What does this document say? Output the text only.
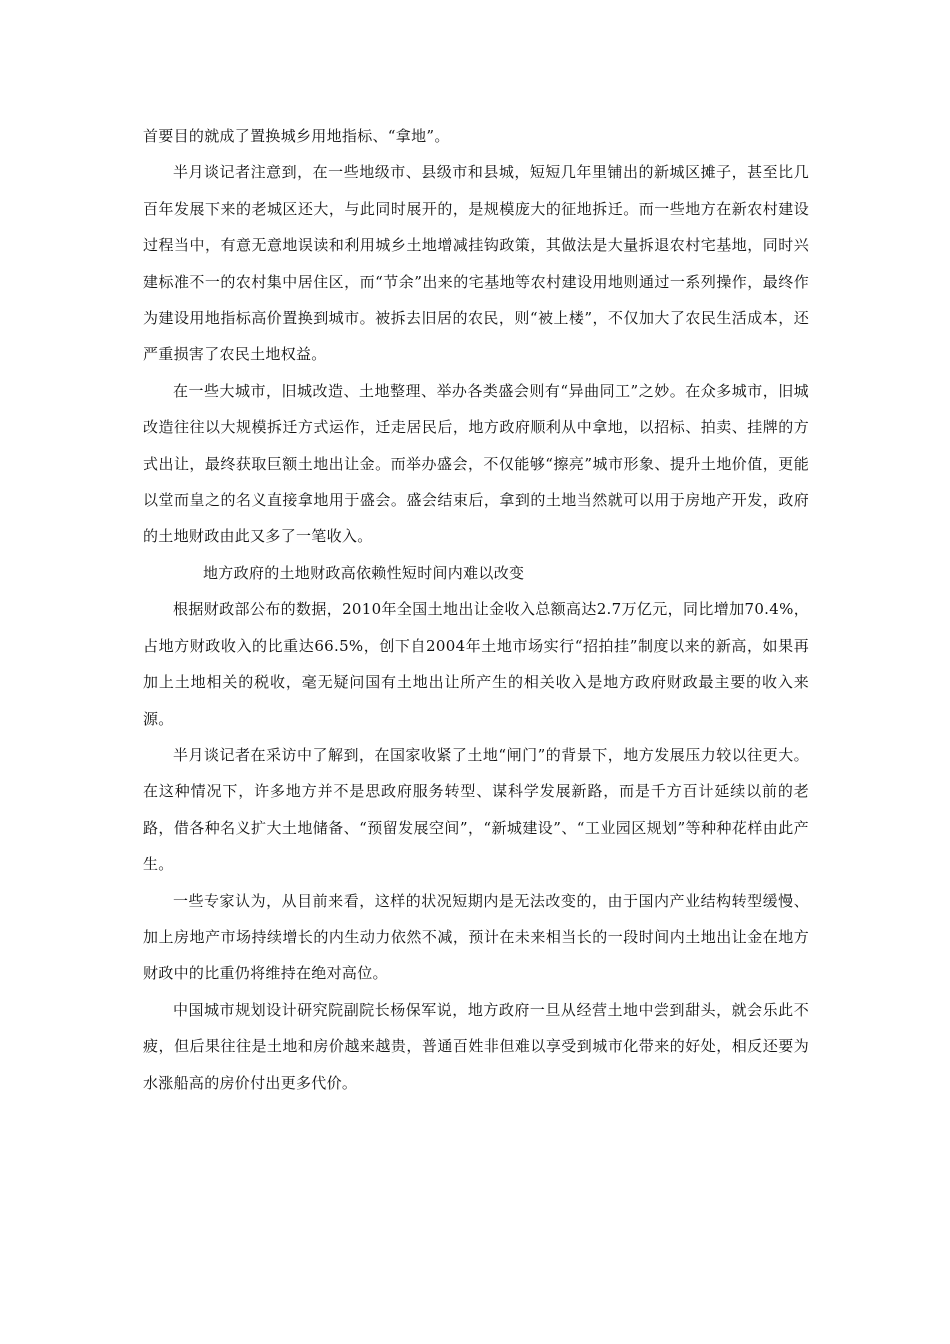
首要目的就成了置换城乡用地指标、“拿地”。

半月谈记者注意到，在一些地级市、县级市和县城，短短几年里铺出的新城区摊子，甚至比几百年发展下来的老城区还大，与此同时展开的，是规模庞大的征地拆迁。而一些地方在新农村建设过程当中，有意无意地误读和利用城乡土地增减挂钩政策，其做法是大量拆退农村宅基地，同时兴建标准不一的农村集中居住区，而“节余”出来的宅基地等农村建设用地则通过一系列操作，最终作为建设用地指标高价置换到城市。被拆去旧居的农民，则“被上楼”，不仅加大了农民生活成本，还严重损害了农民土地权益。

在一些大城市，旧城改造、土地整理、举办各类盛会则有“异曲同工”之妙。在众多城市，旧城改造往往以大规模拆迁方式运作，迁走居民后，地方政府顺利从中拿地，以招标、拍卖、挂牌的方式出让，最终获取巨额土地出让金。而举办盛会，不仅能够“擦亮”城市形象、提升土地价值，更能以堂而皇之的名义直接拿地用于盛会。盛会结束后，拿到的土地当然就可以用于房地产开发，政府的土地财政由此又多了一笔收入。

地方政府的土地财政高依赖性短时间内难以改变

根据财政部公布的数据，2010年全国土地出让金收入总额高达2.7万亿元，同比增加70.4%，占地方财政收入的比重达66.5%，创下自2004年土地市场实行“招拍挂”制度以来的新高，如果再加上土地相关的税收，毫无疑问国有土地出让所产生的相关收入是地方政府财政最主要的收入来源。

半月谈记者在采访中了解到，在国家收紧了土地“闸门”的背景下，地方发展压力较以往更大。在这种情况下，许多地方并不是思政府服务转型、谋科学发展新路，而是千方百计延续以前的老路，借各种名义扩大土地储备、“预留发展空间”，“新城建设”、“工业园区规划”等种种花样由此产生。

一些专家认为，从目前来看，这样的状况短期内是无法改变的，由于国内产业结构转型缓慢、加上房地产市场持续增长的内生动力依然不减，预计在未来相当长的一段时间内土地出让金在地方财政中的比重仍将维持在绝对高位。

中国城市规划设计研究院副院长杨保军说，地方政府一旦从经营土地中尝到甜头，就会乐此不疲，但后果往往是土地和房价越来越贵，普通百姓非但难以享受到城市化带来的好处，相反还要为水涨船高的房价付出更多代价。
